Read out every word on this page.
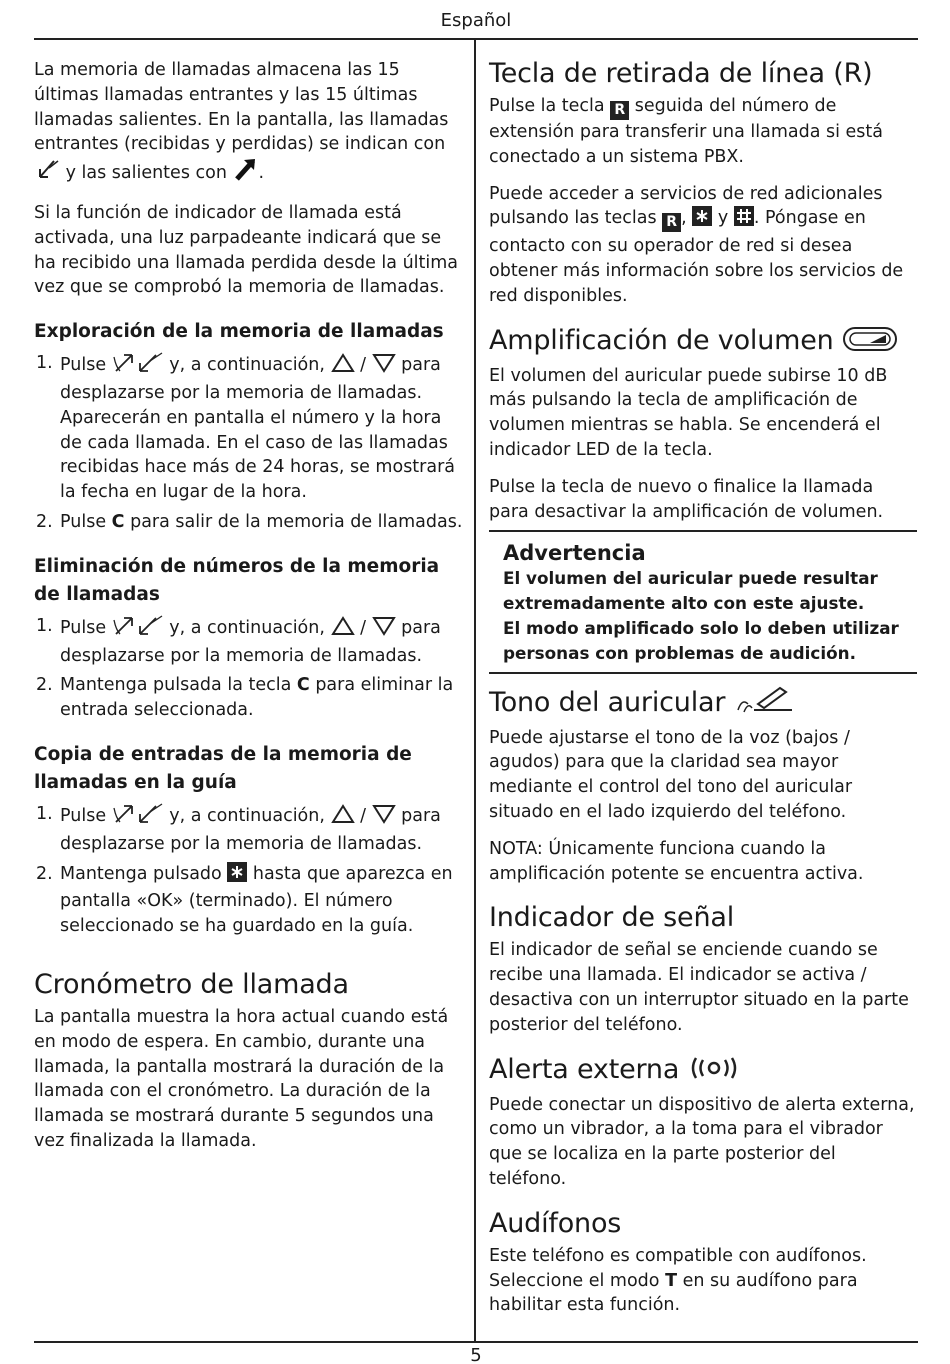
Español

La memoria de llamadas almacena las 15 últimas llamadas entrantes y las 15 últimas llamadas salientes. En la pantalla, las llamadas entrantes (recibidas y perdidas) se indican con  y las salientes con .

Si la función de indicador de llamada está activada, una luz parpadeante indicará que se ha recibido una llamada perdida desde la última vez que se comprobó la memoria de llamadas.

Exploración de la memoria de llamadas
1. Pulse	y, a continuación, / para desplazarse por la memoria de llamadas. Aparecerán en pantalla el número y la hora de cada llamada. En el caso de las llamadas recibidas hace más de 24 horas, se mostrará la fecha en lugar de la hora.
2. Pulse C para salir de la memoria de llamadas.
Eliminación de números de la memoria de llamadas
1. Pulse	y, a continuación, / para desplazarse por la memoria de llamadas.
2. Mantenga pulsada la tecla C para eliminar la entrada seleccionada.
Copia de entradas de la memoria de llamadas en la guía
1. Pulse	y, a continuación, / para desplazarse por la memoria de llamadas.
2. Mantenga pulsado hasta que aparezca en pantalla «OK» (terminado). El número seleccionado se ha guardado en la guía.
Cronómetro de llamada

La pantalla muestra la hora actual cuando está en modo de espera. En cambio, durante una llamada, la pantalla mostrará la duración de la llamada con el cronómetro. La duración de la llamada se mostrará durante 5 segundos una vez finalizada la llamada.

Tecla de retirada de línea (R)

Pulse la tecla R seguida del número de extensión para transferir una llamada si está conectado a un sistema PBX.

Puede acceder a servicios de red adicionales pulsando las teclas R , y . Póngase en contacto con su operador de red si desea obtener más información sobre los servicios de red disponibles.

Amplificación de volumen

El volumen del auricular puede subirse 10 dB más pulsando la tecla de amplificación de volumen mientras se habla. Se encenderá el indicador LED de la tecla.

Pulse la tecla de nuevo o finalice la llamada para desactivar la amplificación de volumen.

Advertencia

El volumen del auricular puede resultar extremadamente alto con este ajuste.

El modo amplificado solo lo deben utilizar personas con problemas de audición.

Tono del auricular

Puede ajustarse el tono de la voz (bajos / agudos) para que la claridad sea mayor mediante el control del tono del auricular situado en el lado izquierdo del teléfono.

NOTA: Únicamente funciona cuando la amplificación potente se encuentra activa.

Indicador de señal

El indicador de señal se enciende cuando se recibe una llamada. El indicador se activa / desactiva con un interruptor situado en la parte posterior del teléfono.

Alerta externa

Puede conectar un dispositivo de alerta externa, como un vibrador, a la toma para el vibrador que se localiza en la parte posterior del teléfono.

Audífonos

Este teléfono es compatible con audífonos. Seleccione el modo T en su audífono para habilitar esta función.

5
